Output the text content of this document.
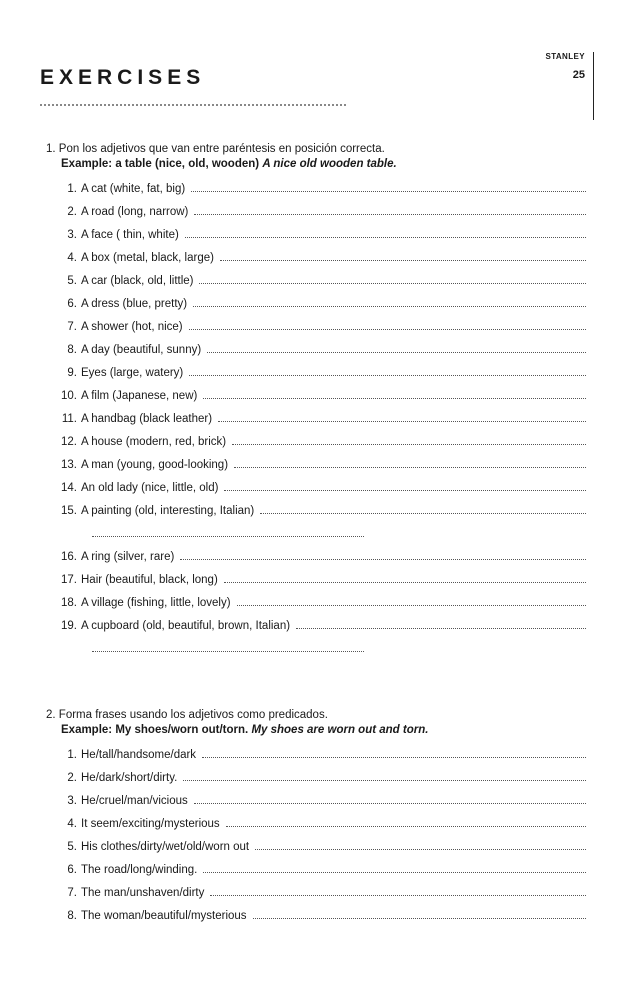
STANLEY
25
EXERCISES
1. Pon los adjetivos que van entre paréntesis en posición correcta.
Example: a table (nice, old, wooden) A nice old wooden table.
1. A cat (white, fat, big)
2. A road (long, narrow)
3. A face ( thin, white)
4. A box (metal, black, large)
5. A car (black, old, little)
6. A dress (blue, pretty)
7. A shower (hot, nice)
8. A day (beautiful, sunny)
9. Eyes (large, watery)
10. A film (Japanese, new)
11. A handbag (black leather)
12. A house (modern, red, brick)
13. A man (young, good-looking)
14. An old lady (nice, little, old)
15. A painting (old, interesting, Italian)
16. A ring (silver, rare)
17. Hair (beautiful, black, long)
18. A village (fishing, little, lovely)
19. A cupboard (old, beautiful, brown, Italian)
2. Forma frases usando los adjetivos como predicados.
Example: My shoes/worn out/torn. My shoes are worn out and torn.
1. He/tall/handsome/dark
2. He/dark/short/dirty.
3. He/cruel/man/vicious
4. It seem/exciting/mysterious
5. His clothes/dirty/wet/old/worn out
6. The road/long/winding.
7. The man/unshaven/dirty
8. The woman/beautiful/mysterious
